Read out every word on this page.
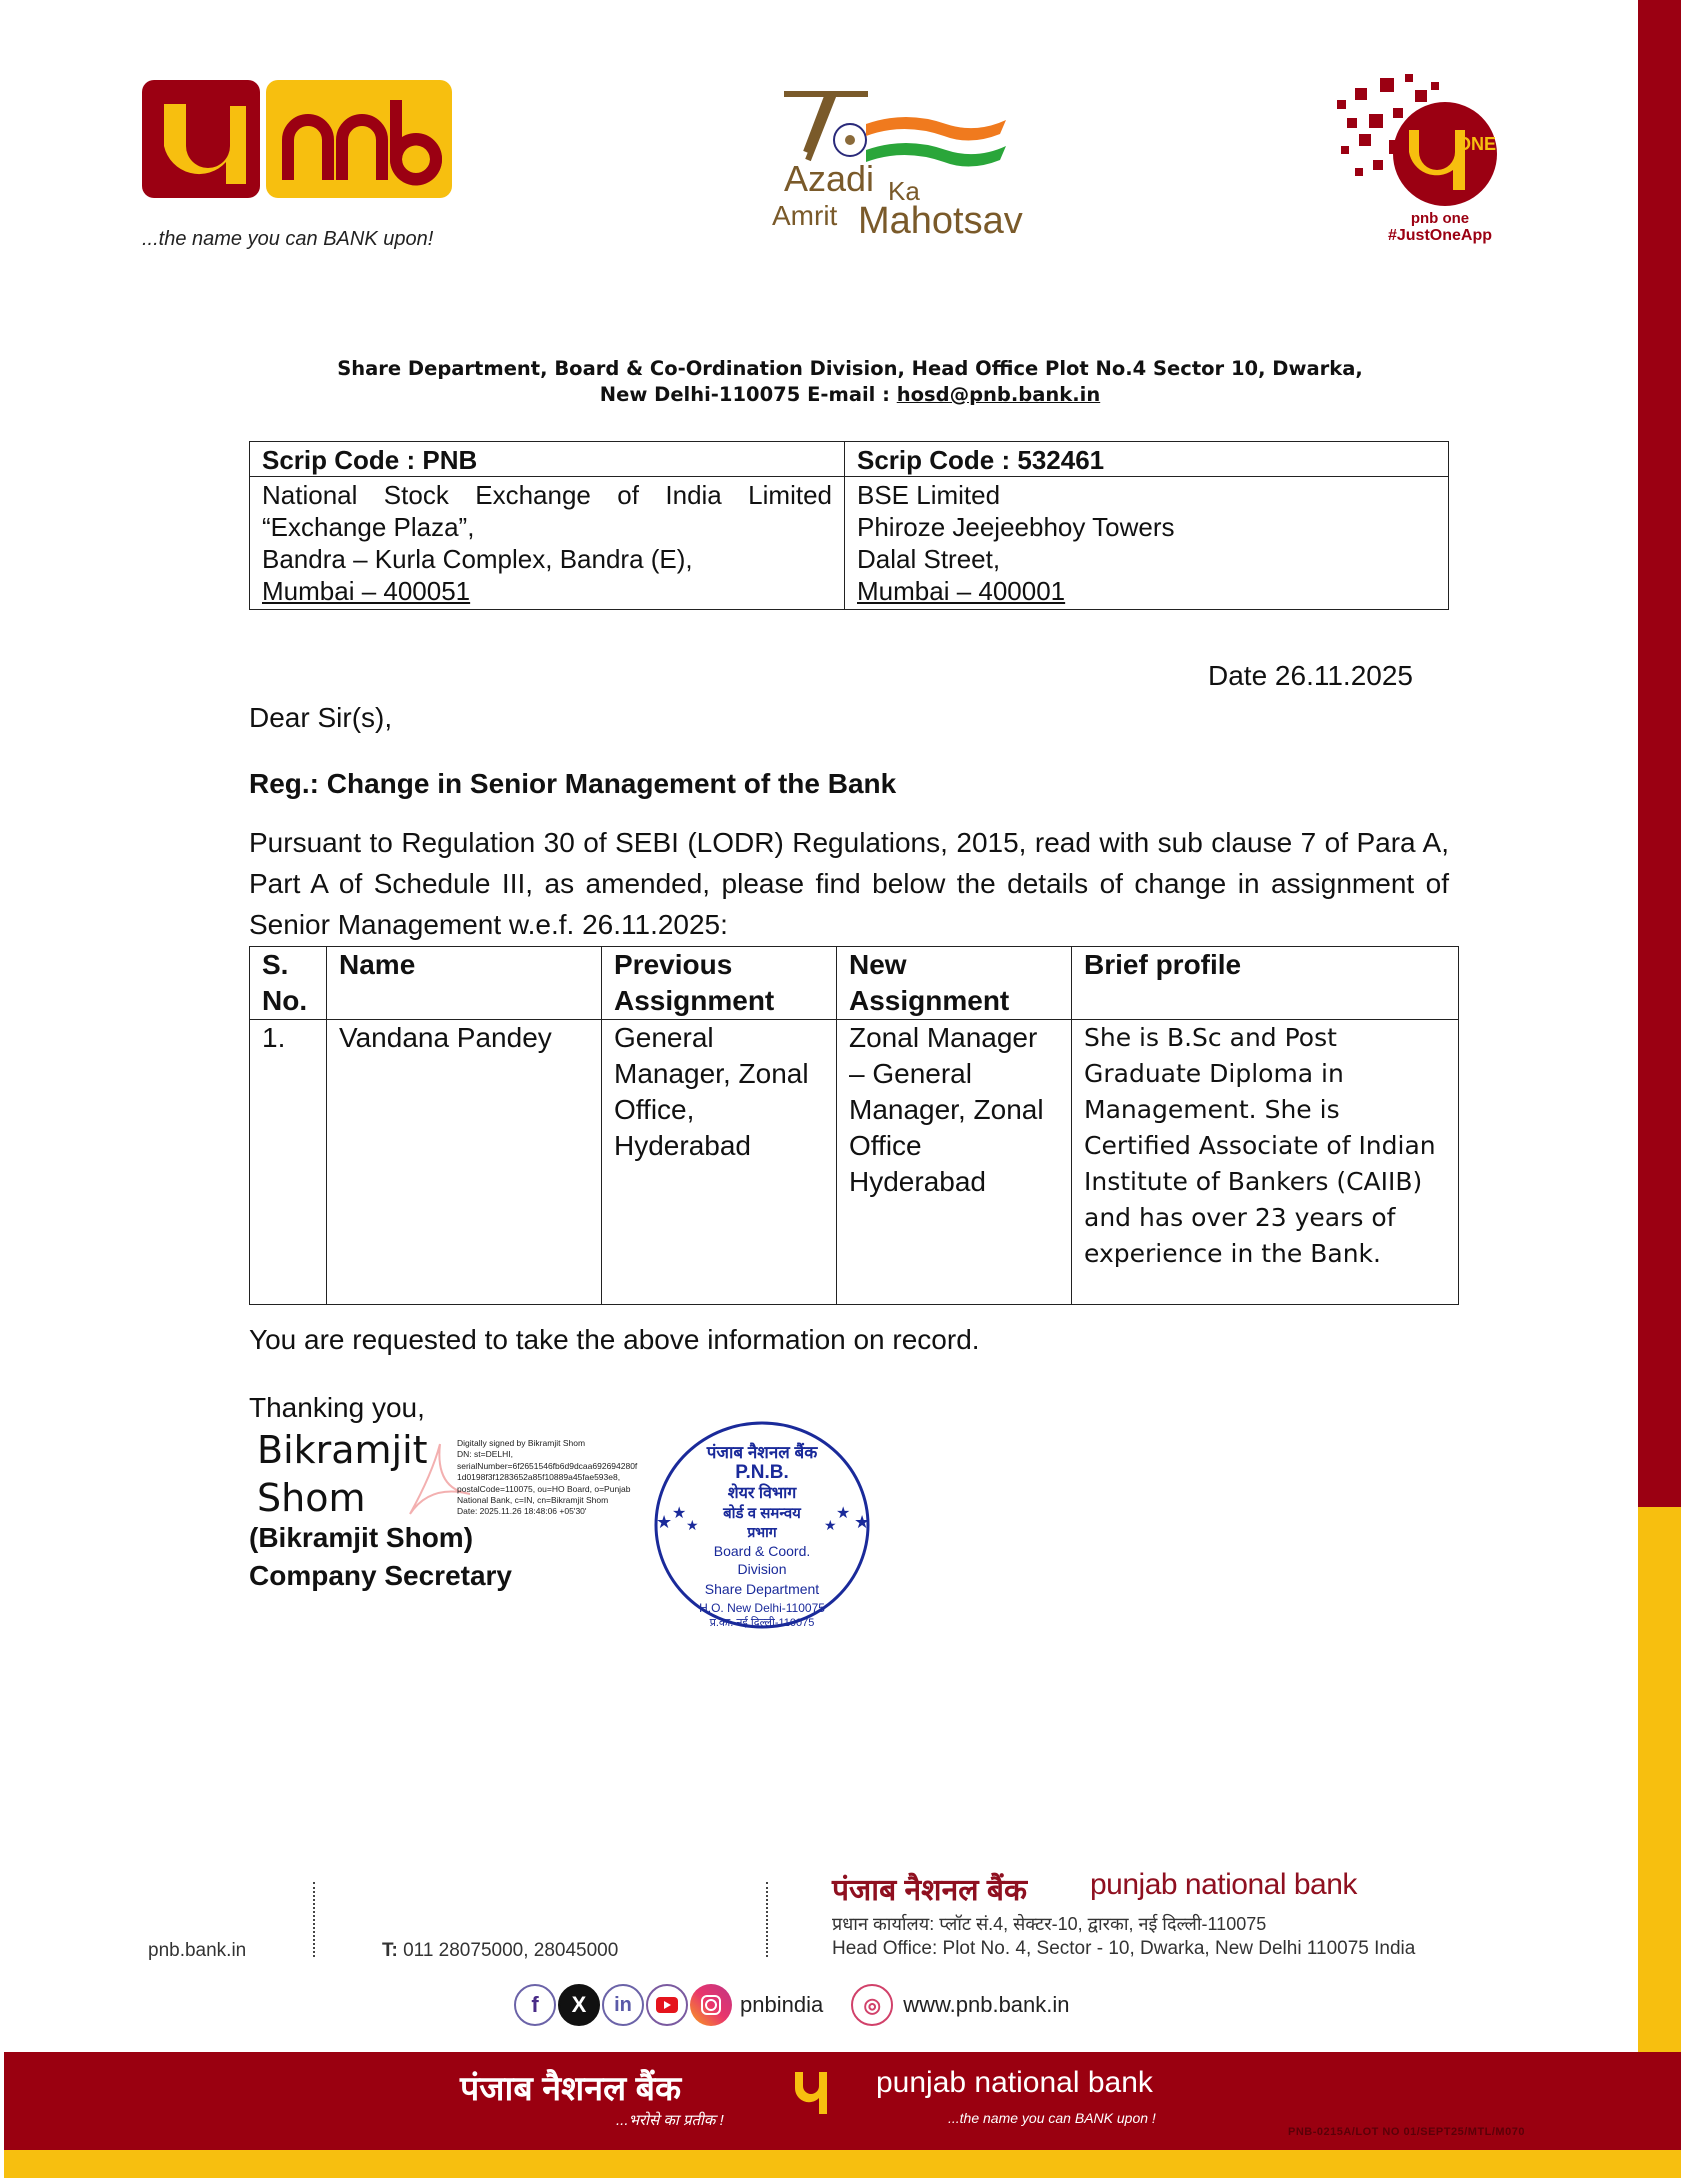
...the name you can BANK upon!
Azadi Ka
Amrit Mahotsav
ONE
pnb one
#JustOneApp
Share Department, Board & Co-Ordination Division, Head Office Plot No.4 Sector 10, Dwarka,
New Delhi-110075 E-mail : hosd@pnb.bank.in
Scrip Code : PNB	Scrip Code : 532461

National Stock Exchange of India Limited
“Exchange Plaza”,
Bandra – Kurla Complex, Bandra (E),
Mumbai – 400051

BSE Limited
Phiroze Jeejeebhoy Towers
Dalal Street,
Mumbai – 400001
Date 26.11.2025
Dear Sir(s),
Reg.: Change in Senior Management of the Bank
Pursuant to Regulation 30 of SEBI (LODR) Regulations, 2015, read with sub clause 7 of Para A, Part A of Schedule III, as amended, please find below the details of change in assignment of Senior Management w.e.f. 26.11.2025:
S. No.	Name	Previous Assignment	New Assignment	Brief profile
1.	Vandana Pandey	General Manager, Zonal Office, Hyderabad	Zonal Manager – General Manager, Zonal Office Hyderabad	She is B.Sc and Post Graduate Diploma in Management. She is Certified Associate of Indian Institute of Bankers (CAIIB) and has over 23 years of experience in the Bank.
You are requested to take the above information on record.
Thanking you,
Bikramjit
Shom
Digitally signed by Bikramjit Shom
DN: st=DELHI,
serialNumber=6f2651546fb6d9dcaa692694280f
1d0198f3f1283652a85f10889a45fae593e8,
postalCode=110075, ou=HO Board, o=Punjab
National Bank, c=IN, cn=Bikramjit Shom
Date: 2025.11.26 18:48:06 +05'30'
(Bikramjit Shom)
Company Secretary
पंजाब नैशनल बैंक
P.N.B.
शेयर विभाग
बोर्ड व समन्वय
प्रभाग
Board & Coord.
Division
Share Department
H.O. New Delhi-110075
प्र.का. नई दिल्ली-110075
★ ★
★	★
★
★
pnb.bank.in	T: 011 28075000, 28045000
पंजाब नैशनल बैंक punjab national bank
प्रधान कार्यालय: प्लॉट सं.4, सेक्टर-10, द्वारका, नई दिल्ली-110075
Head Office: Plot No. 4, Sector - 10, Dwarka, New Delhi 110075 India
f	X	in	pnbindia	◎	www.pnb.bank.in
पंजाब नैशनल बैंक
...भरोसे का प्रतीक !
punjab national bank
...the name you can BANK upon !
PNB-0215A/LOT NO 01/SEPT25/MTL/M070
